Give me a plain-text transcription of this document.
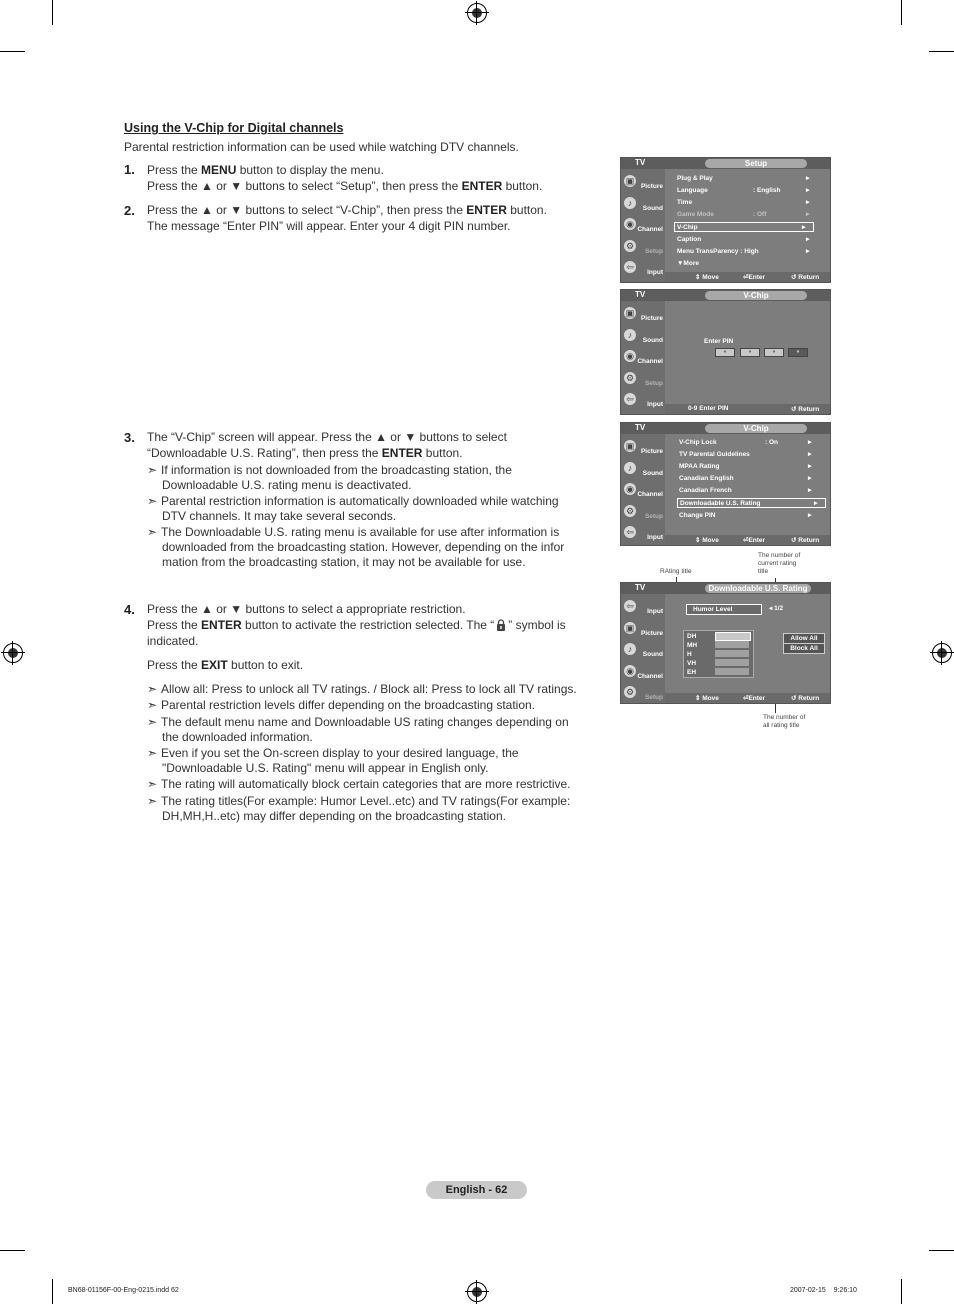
Using the V-Chip for Digital channels
Parental restriction information can be used while watching DTV channels.
1. Press the MENU button to display the menu.
Press the ▲ or ▼ buttons to select “Setup”, then press the ENTER button.
2. Press the ▲ or ▼ buttons to select “V-Chip”, then press the ENTER button.
The message “Enter PIN” will appear. Enter your 4 digit PIN number.
3. The “V-Chip” screen will appear. Press the ▲ or ▼ buttons to select
“Downloadable U.S. Rating”, then press the ENTER button.
➣ If information is not downloaded from the broadcasting station, the
Downloadable U.S. rating menu is deactivated.
➣ Parental restriction information is automatically downloaded while watching
DTV channels. It may take several seconds.
➣ The Downloadable U.S. rating menu is available for use after information is
downloaded from the broadcasting station. However, depending on the infor
mation from the broadcasting station, it may not be available for use.
4. Press the ▲ or ▼ buttons to select a appropriate restriction.
Press the ENTER button to activate the restriction selected. The “ ” symbol is
indicated.
Press the EXIT button to exit.
➣ Allow all: Press to unlock all TV ratings. / Block all: Press to lock all TV ratings.
➣ Parental restriction levels differ depending on the broadcasting station.
➣ The default menu name and Downloadable US rating changes depending on
the downloaded information.
➣ Even if you set the On-screen display to your desired language, the
"Downloadable U.S. Rating" menu will appear in English only.
➣ The rating will automatically block certain categories that are more restrictive.
➣ The rating titles(For example: Humor Level..etc) and TV ratings(For example:
DH,MH,H..etc) may differ depending on the broadcasting station.
TV	Setup
▣
Picture
♪
Sound
◉
Channel
⚙
Setup
⇦
Input
Plug & Play	►
Language	: English	►
Time	►
Game Mode	: Off	►
V-Chip	►
Caption	►
Menu TransParency : High	►
▼More
⇕ Move	⏎Enter	↺ Return
TV	V-Chip
▣
Picture
♪
Sound
◉
Channel
⚙
Setup
⇦
Input
Enter PIN
*	*	*	*
0-9 Enter PIN	↺ Return
TV	V-Chip
▣
Picture
♪
Sound
◉
Channel
⚙
Setup
⇦
Input
V-Chip Lock	: On	►
TV Parental Guidelines	►
MPAA Rating	►
Canadian English	►
Canadian French	►
Downloadable U.S. Rating	►
Change PIN	►
⇕ Move	⏎Enter	↺ Return
RAting title
The number of
current rating
title
The number of
all rating title
TV	Downloadable U.S. Rating
⇦
Input
▣
Picture
♪
Sound
◉
Channel
⚙
Setup
Humor Level	◂ 1/2
DH
MH
H
VH
EH
Allow All
Block All
⇕ Move	⏎Enter	↺ Return
English - 62
BN68-01156F-00-Eng-0215.indd 62	2007-02-15    9:26:10
